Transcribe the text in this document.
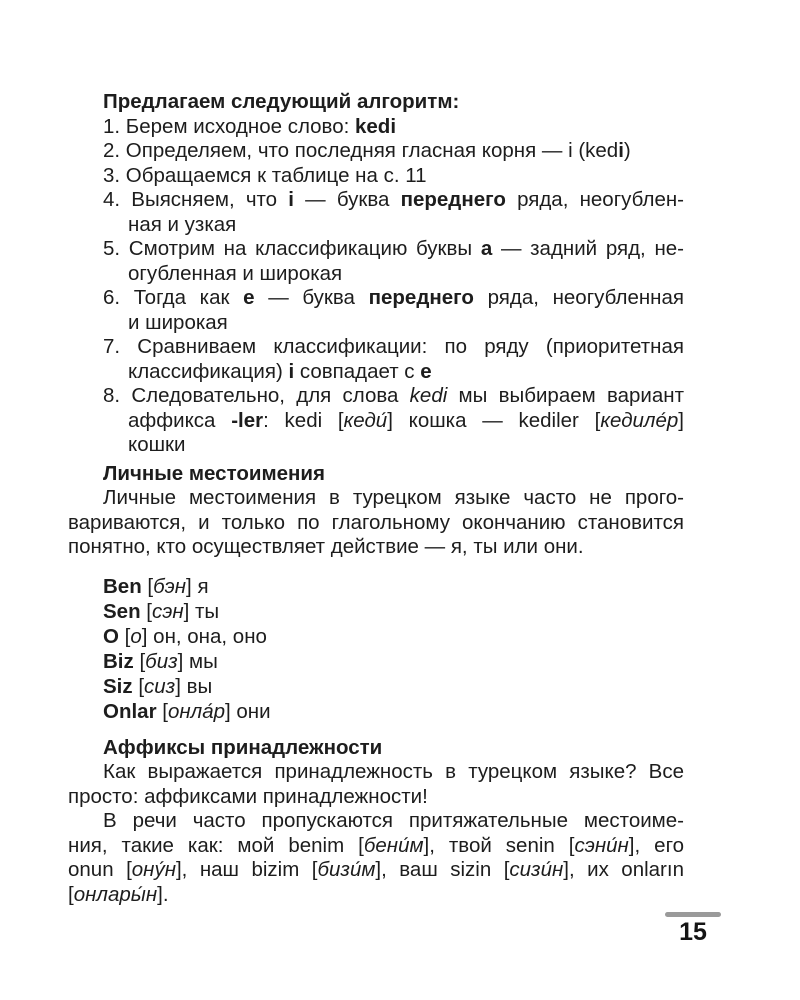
Предлагаем следующий алгоритм:
1. Берем исходное слово: kedi
2. Определяем, что последняя гласная корня — i (kedi)
3. Обращаемся к таблице на с. 11
4. Выясняем, что i — буква переднего ряда, неогублен-
ная и узкая
5. Смотрим на классификацию буквы a — задний ряд, не-
огубленная и широкая
6. Тогда как e — буква переднего ряда, неогубленная
и широкая
7. Сравниваем классификации: по ряду (приоритетная
классификация) i совпадает с e
8. Следовательно, для слова kedi мы выбираем вариант
аффикса -ler: kedi [кеди́] кошка — kediler [кедиле́р]
кошки
Личные местоимения
Личные местоимения в турецком языке часто не прого-
вариваются, и только по глагольному окончанию становится
понятно, кто осуществляет действие — я, ты или они.
Ben [бэн] я
Sen [сэн] ты
O [о] он, она, оно
Biz [биз] мы
Siz [сиз] вы
Onlar [онла́р] они
Аффиксы принадлежности
Как выражается принадлежность в турецком языке? Все
просто: аффиксами принадлежности!
В речи часто пропускаются притяжательные местоиме-
ния, такие как: мой benim [бени́м], твой senin [сэни́н], его
onun [ону́н], наш bizim [бизи́м], ваш sizin [сизи́н], их onların
[онлары́н].
15
